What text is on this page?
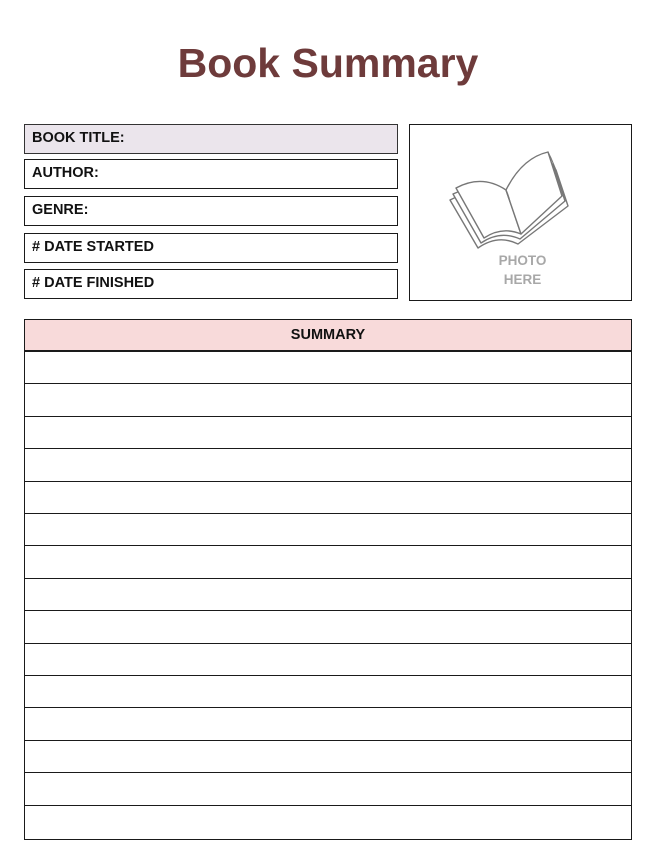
Book Summary
BOOK TITLE:
AUTHOR:
GENRE:
# DATE STARTED
# DATE FINISHED
PHOTO
HERE
SUMMARY
